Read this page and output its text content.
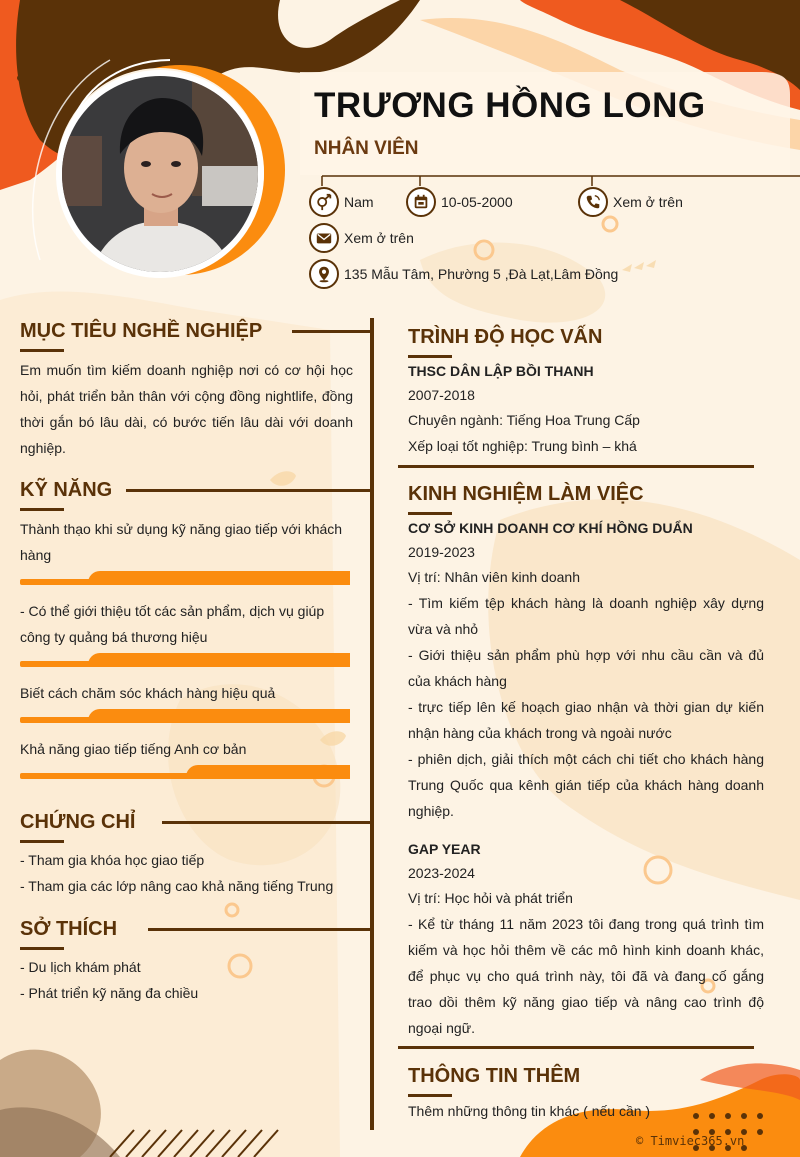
TRƯƠNG HỒNG LONG
NHÂN VIÊN
Nam	10-05-2000	Xem ở trên
Xem ở trên
135 Mẫu Tâm, Phường 5 ,Đà Lạt,Lâm Đồng
MỤC TIÊU NGHỀ NGHIỆP
Em muốn tìm kiếm doanh nghiệp nơi có cơ hội học hỏi, phát triển bản thân với cộng đồng nightlife, đồng thời gắn bó lâu dài, có bước tiến lâu dài với doanh nghiệp.
KỸ NĂNG
Thành thạo khi sử dụng kỹ năng giao tiếp với khách hàng
- Có thể giới thiệu tốt các sản phẩm, dịch vụ giúp công ty quảng bá thương hiệu
Biết cách chăm sóc khách hàng hiệu quả
Khả năng giao tiếp tiếng Anh cơ bản
CHỨNG CHỈ
- Tham gia khóa học giao tiếp
- Tham gia các lớp nâng cao khả năng tiếng Trung
SỞ THÍCH
- Du lịch khám phát
- Phát triển kỹ năng đa chiều
TRÌNH ĐỘ HỌC VẤN
THSC DÂN LẬP BỒI THANH
2007-2018
Chuyên ngành: Tiếng Hoa Trung Cấp
Xếp loại tốt nghiệp: Trung bình – khá
KINH NGHIỆM LÀM VIỆC
CƠ SỞ KINH DOANH CƠ KHÍ HỒNG DUẨN
2019-2023
Vị trí: Nhân viên kinh doanh
- Tìm kiếm tệp khách hàng là doanh nghiệp xây dựng vừa và nhỏ
- Giới thiệu sản phẩm phù hợp với nhu cầu cần và đủ của khách hàng
- trực tiếp lên kế hoạch giao nhận và thời gian dự kiến nhận hàng của khách trong và ngoài nước
- phiên dịch, giải thích một cách chi tiết cho khách hàng Trung Quốc qua kênh gián tiếp của khách hàng doanh nghiệp.
GAP YEAR
2023-2024
Vị trí: Học hỏi và phát triển
- Kể từ tháng 11 năm 2023 tôi đang trong quá trình tìm kiếm và học hỏi thêm về các mô hình kinh doanh khác, để phục vụ cho quá trình này, tôi đã và đang cố gắng trao dồi thêm kỹ năng giao tiếp và nâng cao trình độ ngoại ngữ.
THÔNG TIN THÊM
Thêm những thông tin khác ( nếu cần )
© Timviec365.vn
